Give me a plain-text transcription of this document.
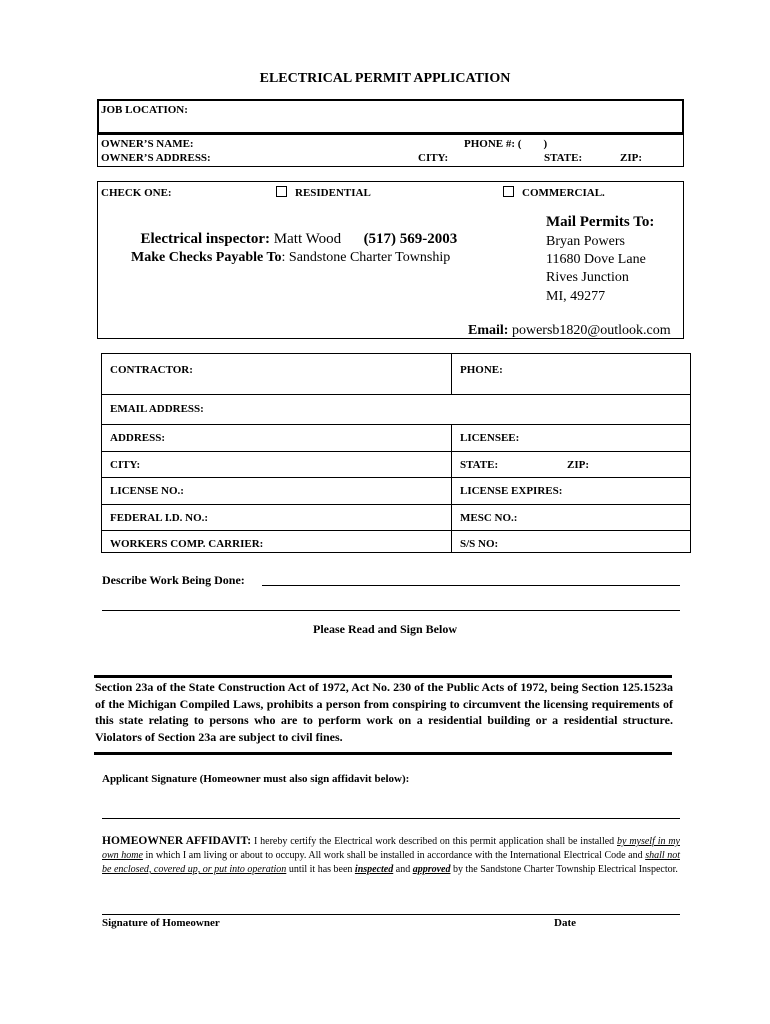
ELECTRICAL PERMIT APPLICATION
JOB LOCATION:
OWNER’S NAME:	PHONE #: (        )
OWNER’S ADDRESS:	CITY:	STATE:	ZIP:
CHECK ONE:	RESIDENTIAL	COMMERCIAL.

Electrical inspector: Matt Wood (517) 569-2003

Make Checks Payable To: Sandstone Charter Township

Mail Permits To:
Bryan Powers
11680 Dove Lane
Rives Junction
MI, 49277

Email: powersb1820@outlook.com

CONTRACTOR:	PHONE:
EMAIL ADDRESS:
ADDRESS:	LICENSEE:
CITY:	STATE:	ZIP:
LICENSE NO.:	LICENSE EXPIRES:
FEDERAL I.D. NO.:	MESC NO.:
WORKERS COMP. CARRIER:	S/S NO:
Describe Work Being Done:
Please Read and Sign Below
Section 23a of the State Construction Act of 1972, Act No. 230 of the Public Acts of 1972, being Section 125.1523a of the Michigan Compiled Laws, prohibits a person from conspiring to circumvent the licensing requirements of this state relating to persons who are to perform work on a residential building or a residential structure. Violators of Section 23a are subject to civil fines.
Applicant Signature (Homeowner must also sign affidavit below):
HOMEOWNER AFFIDAVIT: I hereby certify the Electrical work described on this permit application shall be installed by myself in my own home in which I am living or about to occupy. All work shall be installed in accordance with the International Electrical Code and shall not be enclosed, covered up, or put into operation until it has been inspected and approved by the Sandstone Charter Township Electrical Inspector.
Signature of Homeowner	Date
